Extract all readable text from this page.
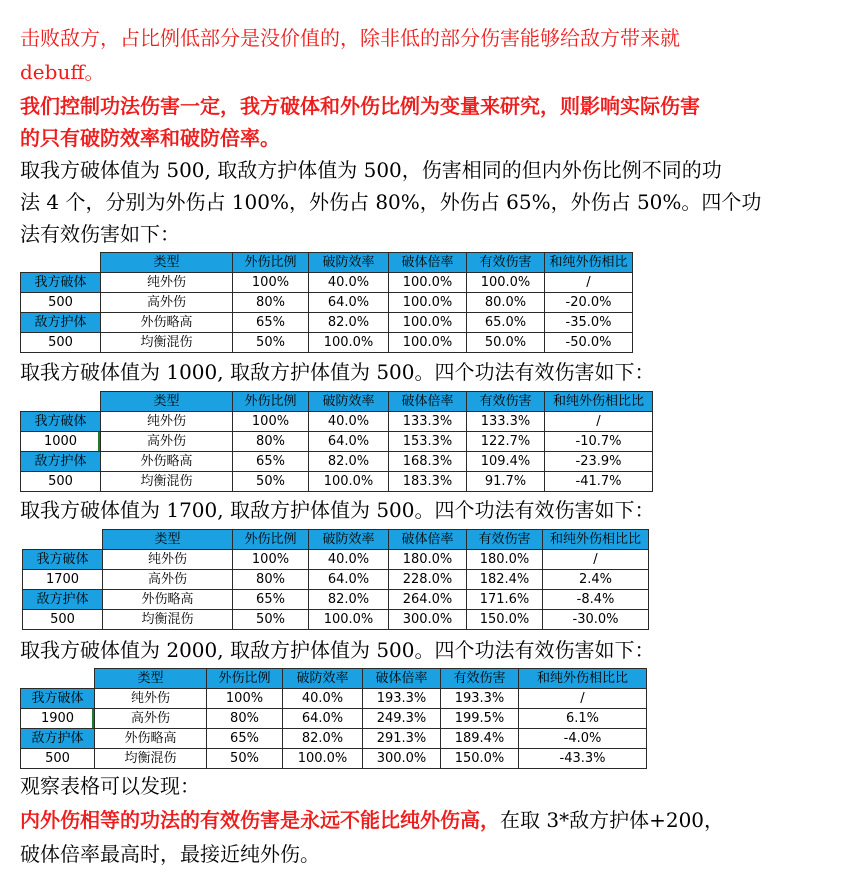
击败敌方，占比例低部分是没价值的，除非低的部分伤害能够给敌方带来就
debuff。
我们控制功法伤害一定，我方破体和外伤比例为变量来研究，则影响实际伤害
的只有破防效率和破防倍率。
取我方破体值为 500, 取敌方护体值为 500，伤害相同的但内外伤比例不同的功
法 4 个，分别为外伤占 100%，外伤占 80%，外伤占 65%，外伤占 50%。四个功
法有效伤害如下：
	类型	外伤比例	破防效率	破体倍率	有效伤害	和纯外伤相比
我方破体	纯外伤	100%	40.0%	100.0%	100.0%	/
500	高外伤	80%	64.0%	100.0%	80.0%	-20.0%
敌方护体	外伤略高	65%	82.0%	100.0%	65.0%	-35.0%
500	均衡混伤	50%	100.0%	100.0%	50.0%	-50.0%
取我方破体值为 1000, 取敌方护体值为 500。四个功法有效伤害如下：
	类型	外伤比例	破防效率	破体倍率	有效伤害	和纯外伤相比比
我方破体	纯外伤	100%	40.0%	133.3%	133.3%	/
1000	高外伤	80%	64.0%	153.3%	122.7%	-10.7%
敌方护体	外伤略高	65%	82.0%	168.3%	109.4%	-23.9%
500	均衡混伤	50%	100.0%	183.3%	91.7%	-41.7%
取我方破体值为 1700, 取敌方护体值为 500。四个功法有效伤害如下：
	类型	外伤比例	破防效率	破体倍率	有效伤害	和纯外伤相比比
我方破体	纯外伤	100%	40.0%	180.0%	180.0%	/
1700	高外伤	80%	64.0%	228.0%	182.4%	2.4%
敌方护体	外伤略高	65%	82.0%	264.0%	171.6%	-8.4%
500	均衡混伤	50%	100.0%	300.0%	150.0%	-30.0%
取我方破体值为 2000, 取敌方护体值为 500。四个功法有效伤害如下：
	类型	外伤比例	破防效率	破体倍率	有效伤害	和纯外伤相比比
我方破体	纯外伤	100%	40.0%	193.3%	193.3%	/
1900	高外伤	80%	64.0%	249.3%	199.5%	6.1%
敌方护体	外伤略高	65%	82.0%	291.3%	189.4%	-4.0%
500	均衡混伤	50%	100.0%	300.0%	150.0%	-43.3%
观察表格可以发现：
内外伤相等的功法的有效伤害是永远不能比纯外伤高，在取 3*敌方护体+200，
破体倍率最高时，最接近纯外伤。
